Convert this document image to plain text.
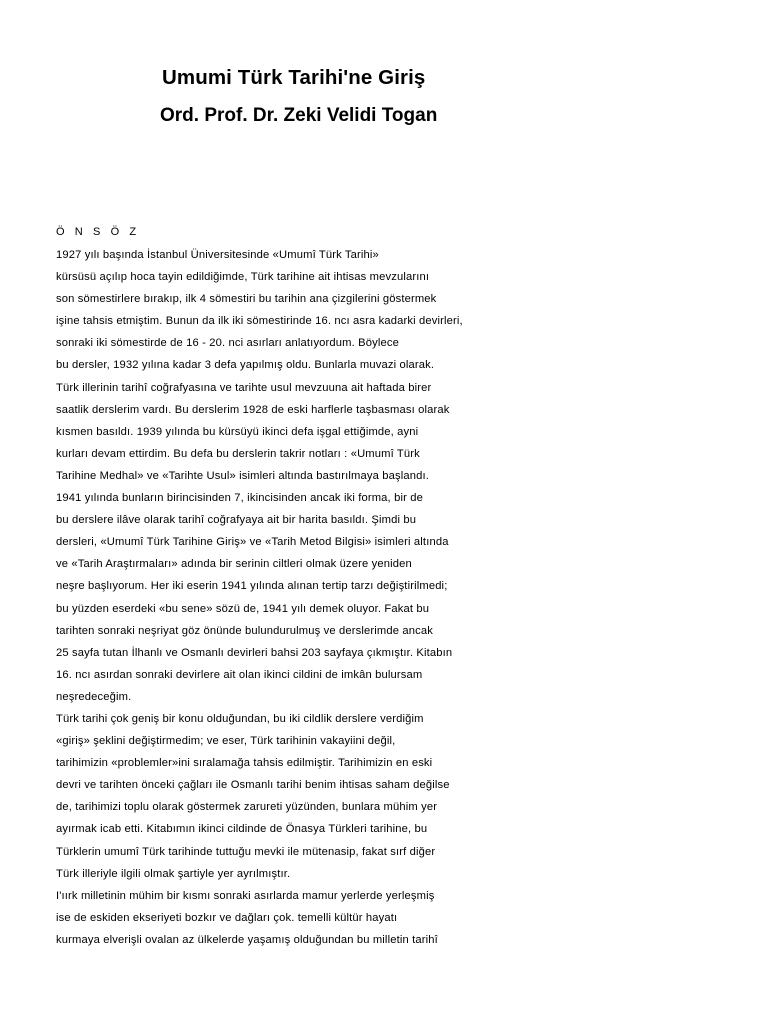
Umumi Türk Tarihi'ne Giriş
Ord. Prof. Dr. Zeki Velidi Togan
Ö N S Ö Z
1927 yılı başında İstanbul Üniversitesinde «Umumî Türk Tarihi»
kürsüsü açılıp hoca tayin edildiğimde, Türk tarihine ait ihtisas mevzularını
son sömestirlere bırakıp, ilk 4 sömestiri bu tarihin ana çizgilerini göstermek
işine tahsis etmiştim. Bunun da ilk iki sömestirinde 16. ncı asra kadarki devirleri,
sonraki iki sömestirde de 16 - 20. nci asırları anlatıyordum. Böylece
bu dersler, 1932 yılına kadar 3 defa yapılmış oldu. Bunlarla muvazi olarak.
Türk illerinin tarihî coğrafyasına ve tarihte usul mevzuuna ait haftada birer
saatlik derslerim vardı. Bu derslerim 1928 de eski harflerle taşbasması olarak
kısmen basıldı. 1939 yılında bu kürsüyü ikinci defa işgal ettiğimde, ayni
kurları devam ettirdim. Bu defa bu derslerin takrir notları : «Umumî Türk
Tarihine Medhal» ve «Tarihte Usul» isimleri altında bastırılmaya başlandı.
1941 yılında bunların birincisinden 7, ikincisinden ancak iki forma, bir de
bu derslere ilâve olarak tarihî coğrafyaya ait bir harita basıldı. Şimdi bu
dersleri, «Umumî Türk Tarihine Giriş» ve «Tarih Metod Bilgisi» isimleri altında
ve «Tarih Araştırmaları» adında bir serinin ciltleri olmak üzere yeniden
neşre başlıyorum. Her iki eserin 1941 yılında alınan tertip tarzı değiştirilmedi;
bu yüzden eserdeki «bu sene» sözü de, 1941 yılı demek oluyor. Fakat bu
tarihten sonraki neşriyat göz önünde bulundurulmuş ve derslerimde ancak
25 sayfa tutan İlhanlı ve Osmanlı devirleri bahsi 203 sayfaya çıkmıştır. Kitabın
16. ncı asırdan sonraki devirlere ait olan ikinci cildini de imkân bulursam
neşredeceğim.
Türk tarihi çok geniş bir konu olduğundan, bu iki cildlik derslere verdiğim
«giriş» şeklini değiştirmedim; ve eser, Türk tarihinin vakayiini değil,
tarihimizin «problemler»ini sıralamağa tahsis edilmiştir. Tarihimizin en eski
devri ve tarihten önceki çağları ile Osmanlı tarihi benim ihtisas saham değilse
de, tarihimizi toplu olarak göstermek zarureti yüzünden, bunlara mühim yer
ayırmak icab etti. Kitabımın ikinci cildinde de Önasya Türkleri tarihine, bu
Türklerin umumî Türk tarihinde tuttuğu mevki ile mütenasip, fakat sırf diğer
Türk illeriyle ilgili olmak şartiyle yer ayrılmıştır.
I'ıırk milletinin mühim bir kısmı sonraki asırlarda mamur yerlerde yerleşmiş
ise de eskiden ekseriyeti bozkır ve dağları çok. temelli kültür hayatı
kurmaya elverişli ovalan az ülkelerde yaşamış olduğundan bu milletin tarihî
